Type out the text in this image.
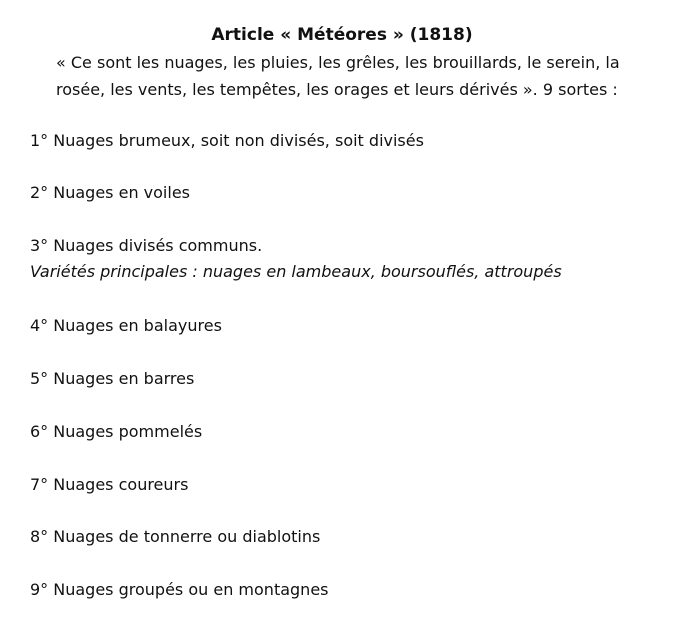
Article « Météores » (1818)

« Ce sont les nuages, les pluies, les grêles, les brouillards, le serein, la
rosée, les vents, les tempêtes, les orages et leurs dérivés ». 9 sortes :

1° Nuages brumeux, soit non divisés, soit divisés
2° Nuages en voiles
3° Nuages divisés communs.
Variétés principales : nuages en lambeaux, boursouflés, attroupés
4° Nuages en balayures
5° Nuages en barres
6° Nuages pommelés
7° Nuages coureurs
8° Nuages de tonnerre ou diablotins
9° Nuages groupés ou en montagnes
